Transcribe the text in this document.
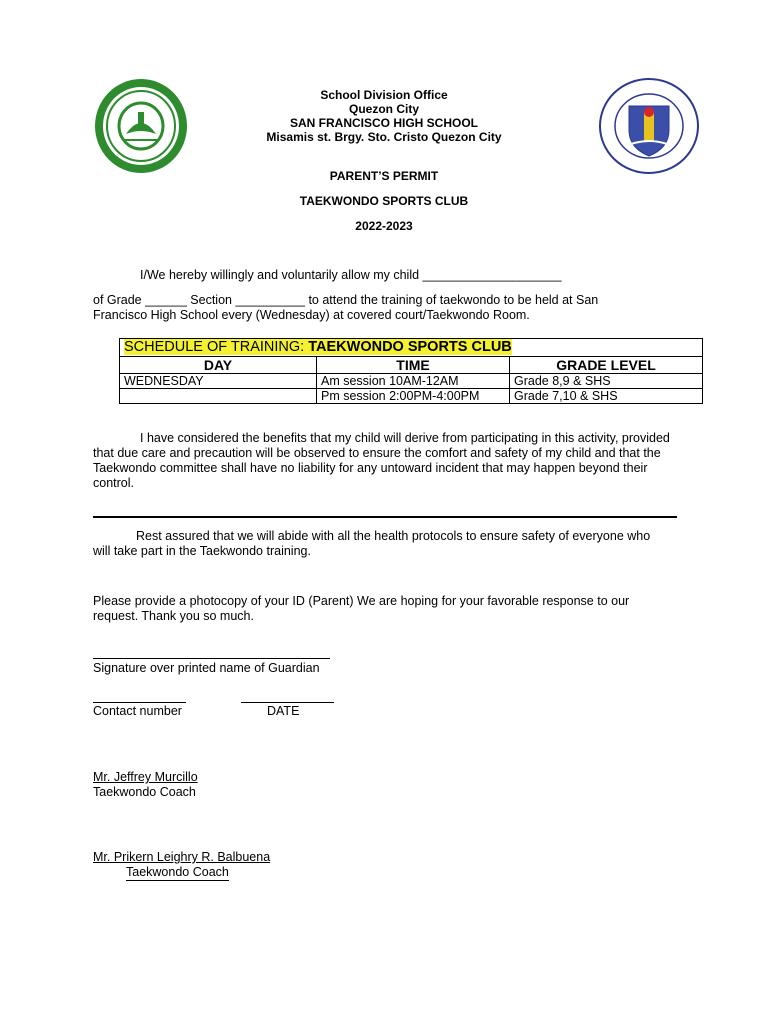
School Division Office
Quezon City
SAN FRANCISCO HIGH SCHOOL
Misamis st. Brgy. Sto. Cristo Quezon City
PARENT’S PERMIT
TAEKWONDO SPORTS CLUB
2022-2023
I/We hereby willingly and voluntarily allow my child ____________________
of Grade ______ Section __________ to attend the training of taekwondo to be held at San
Francisco High School every (Wednesday) at covered court/Taekwondo Room.
SCHEDULE OF TRAINING: TAEKWONDO SPORTS CLUB		
DAY	TIME	GRADE LEVEL
WEDNESDAY	Am session 10AM-12AM	Grade 8,9 & SHS
	Pm session 2:00PM-4:00PM	Grade 7,10 & SHS
I have considered the benefits that my child will derive from participating in this activity, provided
that due care and precaution will be observed to ensure the comfort and safety of my child and that the
Taekwondo committee shall have no liability for any untoward incident that may happen beyond their
control.
Rest assured that we will abide with all the health protocols to ensure safety of everyone who
will take part in the Taekwondo training.
Please provide a photocopy of your ID (Parent) We are hoping for your favorable response to our
request. Thank you so much.
Signature over printed name of Guardian
Contact number	DATE
Mr. Jeffrey Murcillo
Taekwondo Coach
Mr. Prikern Leighry R. Balbuena
Taekwondo Coach
